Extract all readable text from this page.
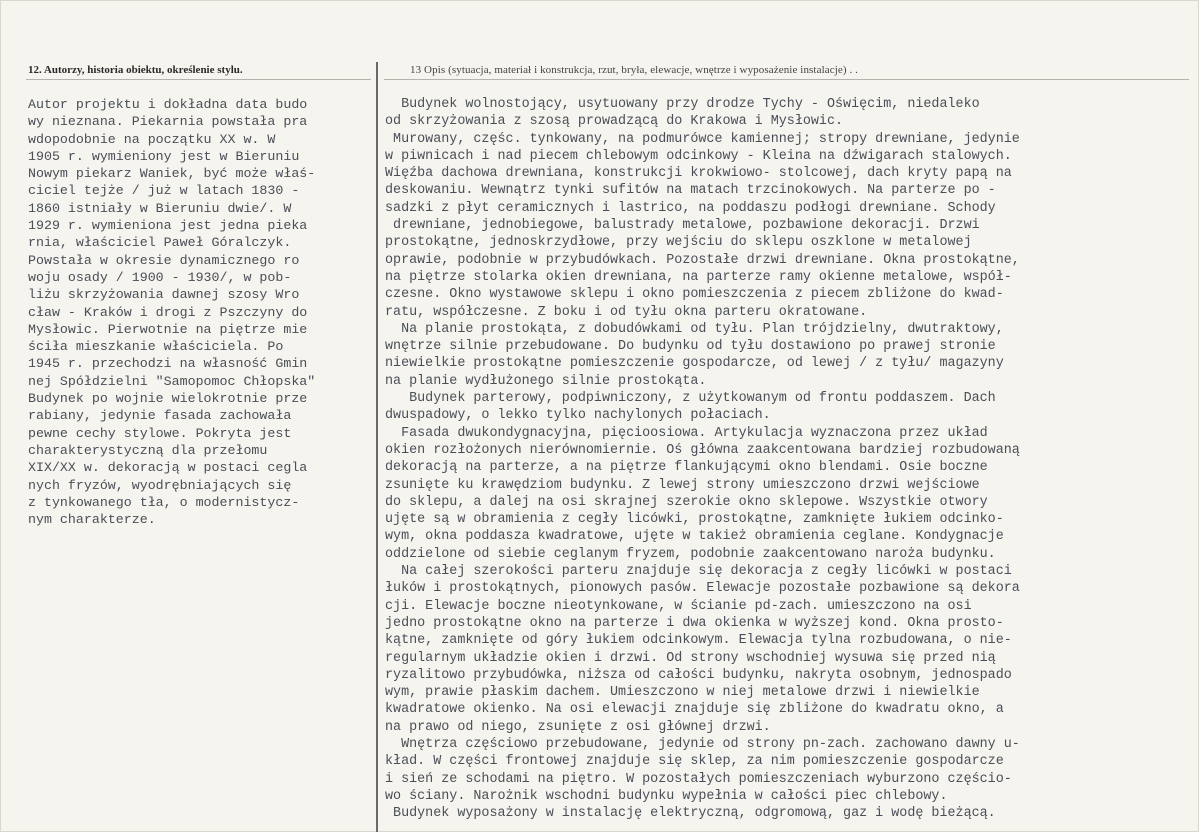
12. Autorzy, historia obiektu, określenie stylu.	13 Opis (sytuacja, materiał i konstrukcja, rzut, bryła, elewacje, wnętrze i wyposażenie instalacje) . .
Autor projektu i dokładna data budo
wy nieznana. Piekarnia powstała pra
wdopodobnie na początku XX w. W
1905 r. wymieniony jest w Bieruniu
Nowym piekarz Waniek, być może właś-
ciciel tejże / już w latach 1830 -
1860 istniały w Bieruniu dwie/. W
1929 r. wymieniona jest jedna pieka
rnia, właściciel Paweł Góralczyk.
Powstała w okresie dynamicznego ro
woju osady / 1900 - 1930/, w pob-
liżu skrzyżowania dawnej szosy Wro
cław - Kraków i drogi z Pszczyny do
Mysłowic. Pierwotnie na piętrze mie
ściła mieszkanie właściciela. Po
1945 r. przechodzi na własność Gmin
nej Spółdzielni "Samopomoc Chłopska"
Budynek po wojnie wielokrotnie prze
rabiany, jedynie fasada zachowała
pewne cechy stylowe. Pokryta jest
charakterystyczną dla przełomu
XIX/XX w. dekoracją w postaci cegla
nych fryzów, wyodrębniających się
z tynkowanego tła, o modernistycz-
nym charakterze.
Budynek wolnostojący, usytuowany przy drodze Tychy - Oświęcim, niedaleko
od skrzyżowania z szosą prowadzącą do Krakowa i Mysłowic.
Murowany, częśc. tynkowany, na podmurówce kamiennej; stropy drewniane, jedynie
w piwnicach i nad piecem chlebowym odcinkowy - Kleina na dźwigarach stalowych.
Więźba dachowa drewniana, konstrukcji krokwiowo- stolcowej, dach kryty papą na
deskowaniu. Wewnątrz tynki sufitów na matach trzcinokowych. Na parterze po -
sadzki z płyt ceramicznych i lastrico, na poddaszu podłogi drewniane. Schody
drewniane, jednobiegowe, balustrady metalowe, pozbawione dekoracji. Drzwi
prostokątne, jednoskrzydłowe, przy wejściu do sklepu oszklone w metalowej
oprawie, podobnie w przybudówkach. Pozostałe drzwi drewniane. Okna prostokątne,
na piętrze stolarka okien drewniana, na parterze ramy okienne metalowe, współ-
czesne. Okno wystawowe sklepu i okno pomieszczenia z piecem zbliżone do kwad-
ratu, współczesne. Z boku i od tyłu okna parteru okratowane.
Na planie prostokąta, z dobudówkami od tyłu. Plan trójdzielny, dwutraktowy,
wnętrze silnie przebudowane. Do budynku od tyłu dostawiono po prawej stronie
niewielkie prostokątne pomieszczenie gospodarcze, od lewej / z tyłu/ magazyny
na planie wydłużonego silnie prostokąta.
Budynek parterowy, podpiwniczony, z użytkowanym od frontu poddaszem. Dach
dwuspadowy, o lekko tylko nachylonych połaciach.
Fasada dwukondygnacyjna, pięcioosiowa. Artykulacja wyznaczona przez układ
okien rozłożonych nierównomiernie. Oś główna zaakcentowana bardziej rozbudowaną
dekoracją na parterze, a na piętrze flankującymi okno blendami. Osie boczne
zsunięte ku krawędziom budynku. Z lewej strony umieszczono drzwi wejściowe
do sklepu, a dalej na osi skrajnej szerokie okno sklepowe. Wszystkie otwory
ujęte są w obramienia z cegły licówki, prostokątne, zamknięte łukiem odcinko-
wym, okna poddasza kwadratowe, ujęte w takież obramienia ceglane. Kondygnacje
oddzielone od siebie ceglanym fryzem, podobnie zaakcentowano naroża budynku.
Na całej szerokości parteru znajduje się dekoracja z cegły licówki w postaci
łuków i prostokątnych, pionowych pasów. Elewacje pozostałe pozbawione są dekora
cji. Elewacje boczne nieotynkowane, w ścianie pd-zach. umieszczono na osi
jedno prostokątne okno na parterze i dwa okienka w wyższej kond. Okna prosto-
kątne, zamknięte od góry łukiem odcinkowym. Elewacja tylna rozbudowana, o nie-
regularnym układzie okien i drzwi. Od strony wschodniej wysuwa się przed nią
ryzalitowo przybudówka, niższa od całości budynku, nakryta osobnym, jednospado
wym, prawie płaskim dachem. Umieszczono w niej metalowe drzwi i niewielkie
kwadratowe okienko. Na osi elewacji znajduje się zbliżone do kwadratu okno, a
na prawo od niego, zsunięte z osi głównej drzwi.
Wnętrza częściowo przebudowane, jedynie od strony pn-zach. zachowano dawny u-
kład. W części frontowej znajduje się sklep, za nim pomieszczenie gospodarcze
i sień ze schodami na piętro. W pozostałych pomieszczeniach wyburzono częścio-
wo ściany. Narożnik wschodni budynku wypełnia w całości piec chlebowy.
Budynek wyposażony w instalację elektryczną, odgromową, gaz i wodę bieżącą.
